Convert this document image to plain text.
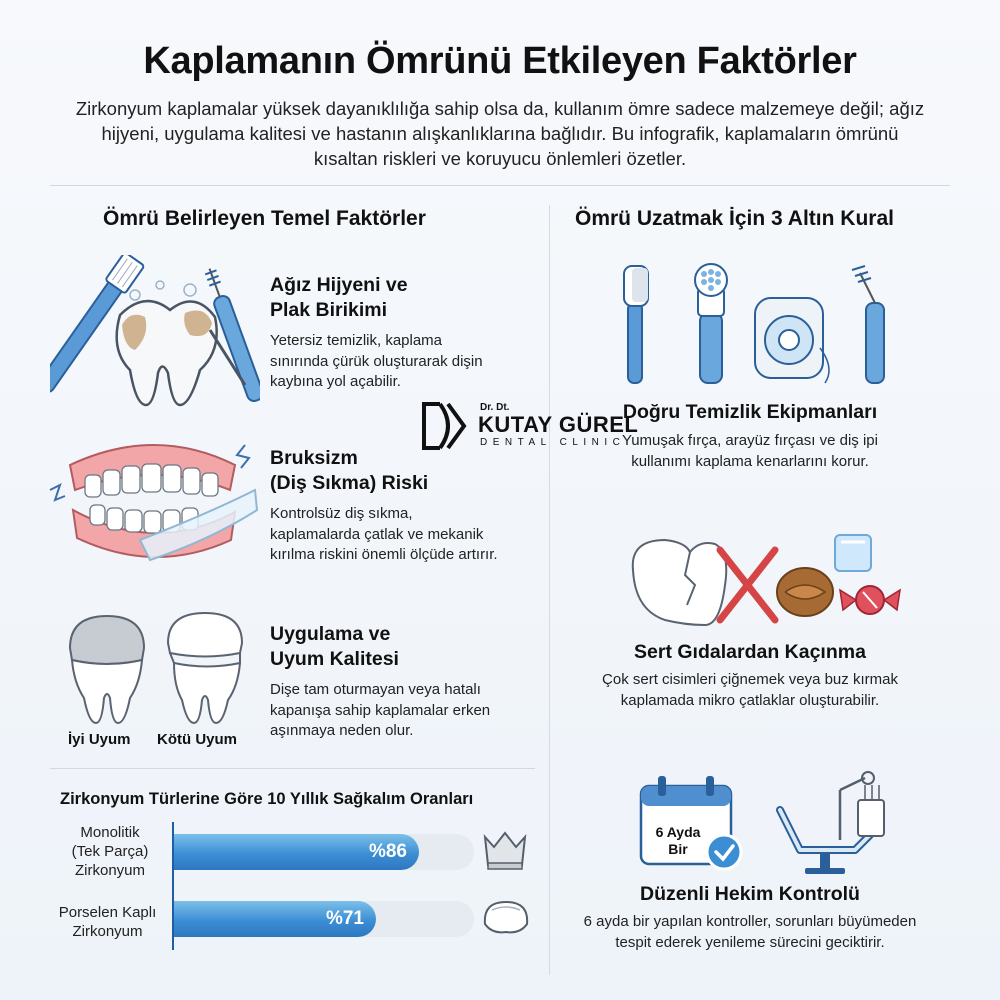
Kaplamanın Ömrünü Etkileyen Faktörler
Zirkonyum kaplamalar yüksek dayanıklılığa sahip olsa da, kullanım ömre sadece malzemeye değil; ağız hijyeni, uygulama kalitesi ve hastanın alışkanlıklarına bağlıdır. Bu infografik, kaplamaların ömrünü kısaltan riskleri ve koruyucu önlemleri özetler.
Ömrü Belirleyen Temel Faktörler
Ağız Hijyeni ve
Plak Birikimi
Yetersiz temizlik, kaplama
sınırında çürük oluşturarak dişin
kaybına yol açabilir.
Bruksizm
(Diş Sıkma) Riski
Kontrolsüz diş sıkma,
kaplamalarda çatlak ve mekanik
kırılma riskini önemli ölçüde artırır.
İyi Uyum Kötü Uyum
Uygulama ve
Uyum Kalitesi
Dişe tam oturmayan veya hatalı
kapanışa sahip kaplamalar erken
aşınmaya neden olur.
Zirkonyum Türlerine Göre 10 Yıllık Sağkalım Oranları
Monolitik
(Tek Parça)
Zirkonyum
Porselen Kaplı
Zirkonyum
%86
%71
Dr. Dt.
KUTAY GÜREL
DENTAL CLINIC
Ömrü Uzatmak İçin 3 Altın Kural
Doğru Temizlik Ekipmanları
Yumuşak fırça, arayüz fırçası ve diş ipi
kullanımı kaplama kenarlarını korur.
Sert Gıdalardan Kaçınma
Çok sert cisimleri çiğnemek veya buz kırmak
kaplamada mikro çatlaklar oluşturabilir.
6 Ayda
Bir
Düzenli Hekim Kontrolü
6 ayda bir yapılan kontroller, sorunları büyümeden
tespit ederek yenileme sürecini geciktirir.
